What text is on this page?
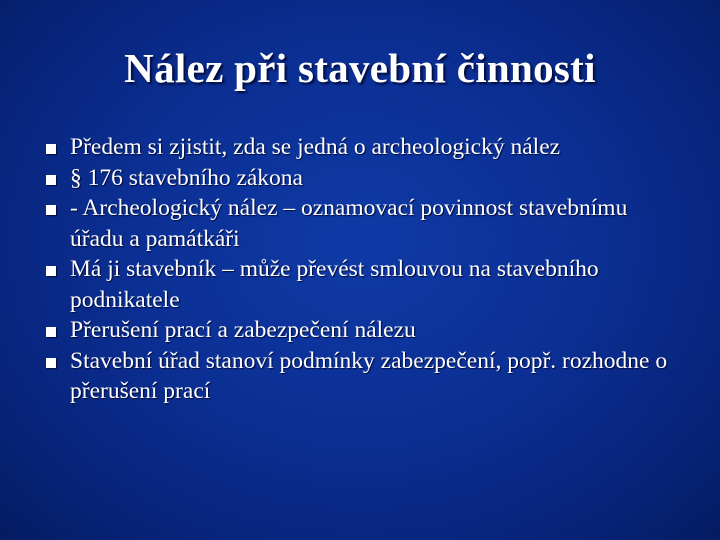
Nález při stavební činnosti
Předem si zjistit, zda se jedná o archeologický nález
§ 176 stavebního zákona
- Archeologický nález – oznamovací povinnost stavebnímu úřadu a památkáři
Má ji stavebník – může převést smlouvou na stavebního podnikatele
Přerušení prací a zabezpečení nálezu
Stavební úřad stanoví podmínky zabezpečení, popř. rozhodne o přerušení prací
